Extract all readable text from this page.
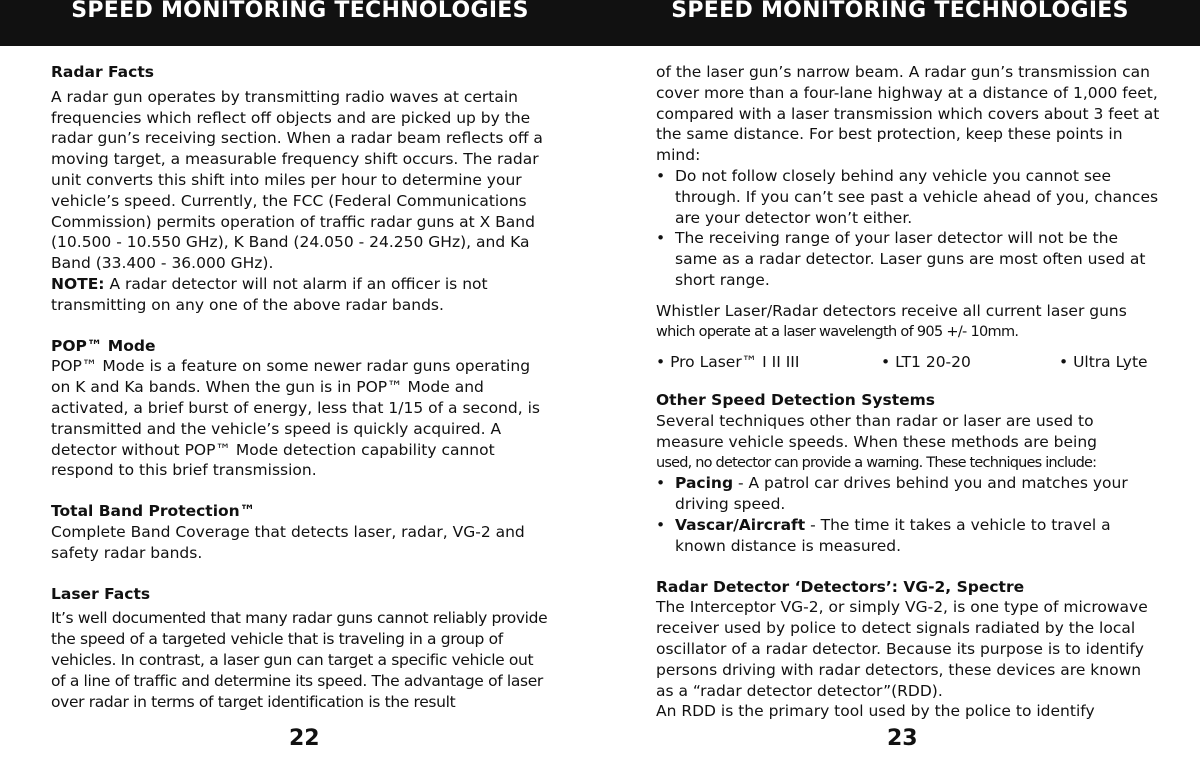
SPEED MONITORING TECHNOLOGIES
Radar Facts

A radar gun operates by transmitting radio waves at certain frequencies which reflect off objects and are picked up by the radar gun’s receiving section. When a radar beam reflects off a moving target, a measurable frequency shift occurs. The radar unit converts this shift into miles per hour to determine your vehicle’s speed. Currently, the FCC (Federal Communications Commission) permits operation of traffic radar guns at X Band (10.500 - 10.550 GHz), K Band (24.050 - 24.250 GHz), and Ka Band (33.400 - 36.000 GHz).

NOTE: A radar detector will not alarm if an officer is not transmitting on any one of the above radar bands.

POP™ Mode

POP™ Mode is a feature on some newer radar guns operating on K and Ka bands. When the gun is in POP™ Mode and activated, a brief burst of energy, less that 1/15 of a second, is transmitted and the vehicle’s speed is quickly acquired. A detector without POP™ Mode detection capability cannot respond to this brief transmission.

Total Band Protection™

Complete Band Coverage that detects laser, radar, VG-2 and safety radar bands.

Laser Facts

It’s well documented that many radar guns cannot reliably provide the speed of a targeted vehicle that is traveling in a group of vehicles. In contrast, a laser gun can target a specific vehicle out of a line of traffic and determine its speed. The advantage of laser over radar in terms of target identification is the result

22
SPEED MONITORING TECHNOLOGIES

of the laser gun’s narrow beam. A radar gun’s transmission can cover more than a four-lane highway at a distance of 1,000 feet, compared with a laser transmission which covers about 3 feet at the same distance. For best protection, keep these points in mind:

• Do not follow closely behind any vehicle you cannot see through. If you can’t see past a vehicle ahead of you, chances are your detector won’t either.
• The receiving range of your laser detector will not be the same as a radar detector. Laser guns are most often used at short range.

Whistler Laser/Radar detectors receive all current laser guns

which operate at a laser wavelength of 905 +/- 10mm.

• Pro Laser™ I II III	• LT1 20-20	• Ultra Lyte
Other Speed Detection Systems

Several techniques other than radar or laser are used to measure vehicle speeds. When these methods are being

used, no detector can provide a warning. These techniques include:

• Pacing - A patrol car drives behind you and matches your driving speed.
• Vascar/Aircraft - The time it takes a vehicle to travel a known distance is measured.
Radar Detector ‘Detectors’: VG-2, Spectre

The Interceptor VG-2, or simply VG-2, is one type of microwave receiver used by police to detect signals radiated by the local oscillator of a radar detector. Because its purpose is to identify persons driving with radar detectors, these devices are known as a “radar detector detector”(RDD).

An RDD is the primary tool used by the police to identify

23
